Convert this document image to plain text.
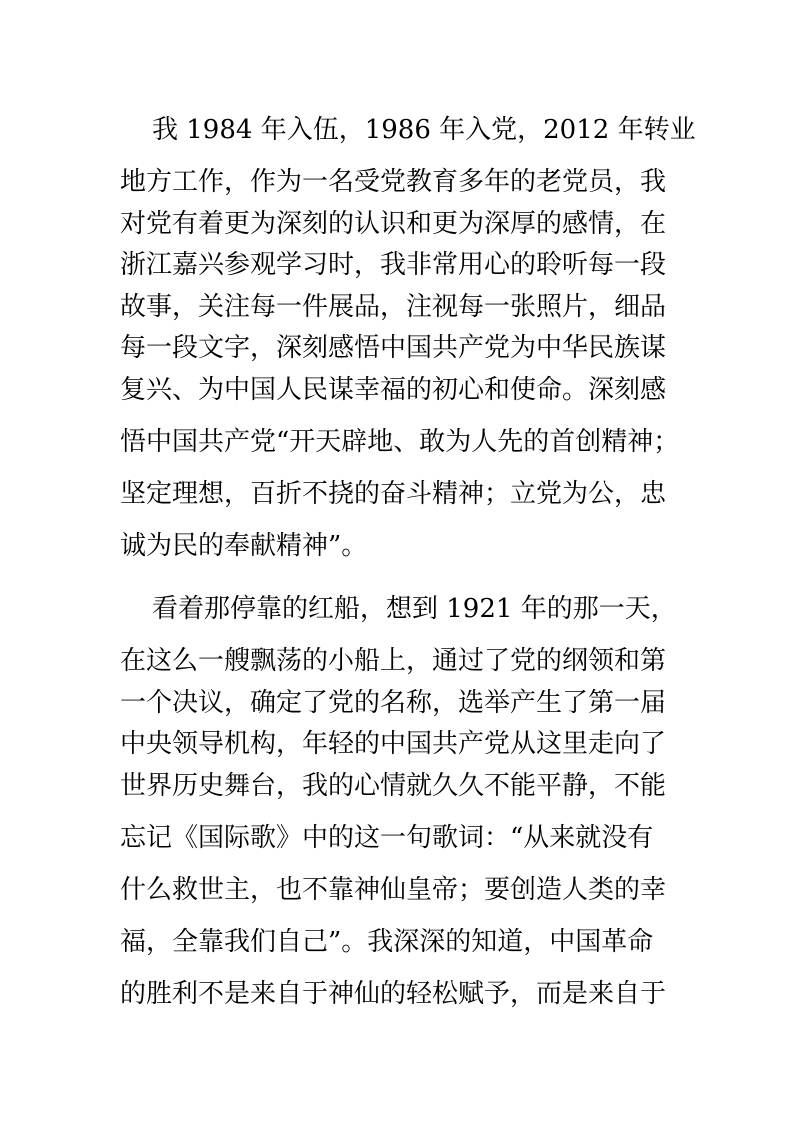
我 1984 年入伍，1986 年入党，2012 年转业
地方工作，作为一名受党教育多年的老党员，我
对党有着更为深刻的认识和更为深厚的感情，在
浙江嘉兴参观学习时，我非常用心的聆听每一段
故事，关注每一件展品，注视每一张照片，细品
每一段文字，深刻感悟中国共产党为中华民族谋
复兴、为中国人民谋幸福的初心和使命。深刻感
悟中国共产党“开天辟地、敢为人先的首创精神；
坚定理想，百折不挠的奋斗精神；立党为公，忠
诚为民的奉献精神”。
看着那停靠的红船，想到 1921 年的那一天，
在这么一艘飘荡的小船上，通过了党的纲领和第
一个决议，确定了党的名称，选举产生了第一届
中央领导机构，年轻的中国共产党从这里走向了
世界历史舞台，我的心情就久久不能平静，不能
忘记《国际歌》中的这一句歌词：“从来就没有
什么救世主，也不靠神仙皇帝；要创造人类的幸
福，全靠我们自己”。我深深的知道，中国革命
的胜利不是来自于神仙的轻松赋予，而是来自于
